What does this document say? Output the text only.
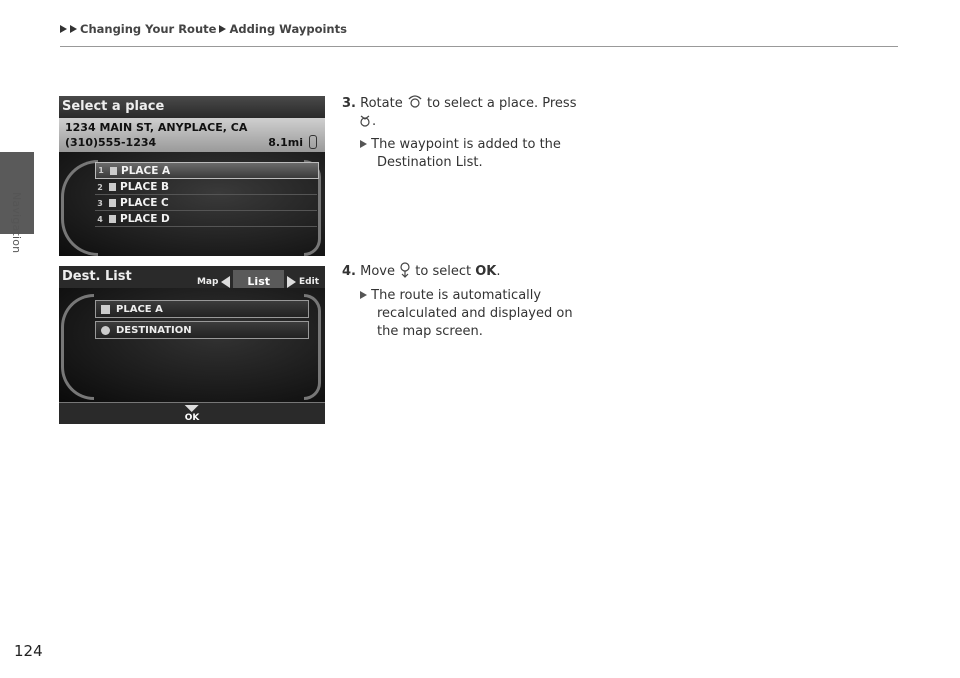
Navigation
Changing Your Route Adding Waypoints
Select a place
1234 MAIN ST, ANYPLACE, CA
(310)555-1234	8.1mi
1 PLACE A
2 PLACE B
3 PLACE C
4 PLACE D
Dest. List	Map	List	Edit
PLACE A
DESTINATION
OK
3. Rotate to select a place. Press
.
The waypoint is added to the
Destination List.
4. Move to select OK.
The route is automatically
recalculated and displayed on
the map screen.
124
